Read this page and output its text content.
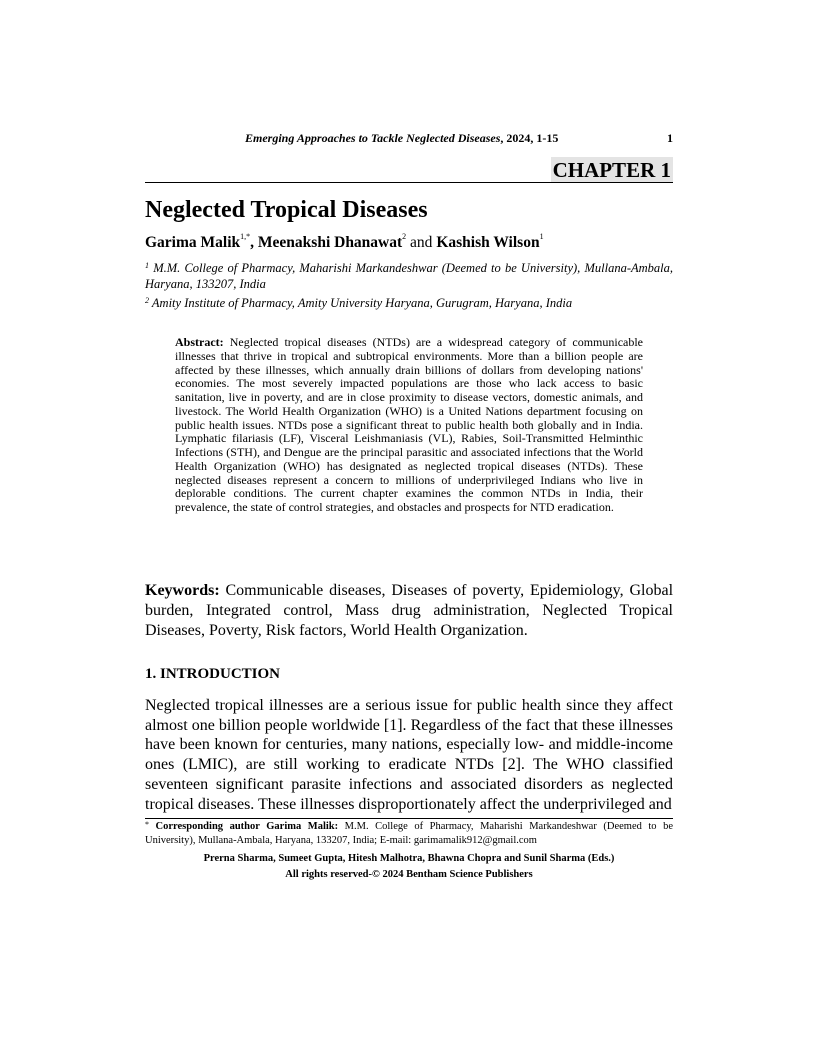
Emerging Approaches to Tackle Neglected Diseases, 2024, 1-15	1
CHAPTER 1
Neglected Tropical Diseases
Garima Malik$^{1,*}$, Meenakshi Dhanawat$^2$ and Kashish Wilson$^1$
$^1$ M.M. College of Pharmacy, Maharishi Markandeshwar (Deemed to be University), Mullana-Ambala, Haryana, 133207, India
$^2$ Amity Institute of Pharmacy, Amity University Haryana, Gurugram, Haryana, India
Abstract: Neglected tropical diseases (NTDs) are a widespread category of communicable illnesses that thrive in tropical and subtropical environments. More than a billion people are affected by these illnesses, which annually drain billions of dollars from developing nations' economies. The most severely impacted populations are those who lack access to basic sanitation, live in poverty, and are in close proximity to disease vectors, domestic animals, and livestock. The World Health Organization (WHO) is a United Nations department focusing on public health issues. NTDs pose a significant threat to public health both globally and in India. Lymphatic filariasis (LF), Visceral Leishmaniasis (VL), Rabies, Soil-Transmitted Helminthic Infections (STH), and Dengue are the principal parasitic and associated infections that the World Health Organization (WHO) has designated as neglected tropical diseases (NTDs). These neglected diseases represent a concern to millions of underprivileged Indians who live in deplorable conditions. The current chapter examines the common NTDs in India, their prevalence, the state of control strategies, and obstacles and prospects for NTD eradication.
Keywords: Communicable diseases, Diseases of poverty, Epidemiology, Global burden, Integrated control, Mass drug administration, Neglected Tropical Diseases, Poverty, Risk factors, World Health Organization.
1. INTRODUCTION
Neglected tropical illnesses are a serious issue for public health since they affect almost one billion people worldwide [1]. Regardless of the fact that these illnesses have been known for centuries, many nations, especially low- and middle-income ones (LMIC), are still working to eradicate NTDs [2]. The WHO classified seventeen significant parasite infections and associated disorders as neglected tropical diseases. These illnesses disproportionately affect the underprivileged and
* Corresponding author Garima Malik: M.M. College of Pharmacy, Maharishi Markandeshwar (Deemed to be University), Mullana-Ambala, Haryana, 133207, India; E-mail: garimamalik912@gmail.com
Prerna Sharma, Sumeet Gupta, Hitesh Malhotra, Bhawna Chopra and Sunil Sharma (Eds.)
All rights reserved-© 2024 Bentham Science Publishers
